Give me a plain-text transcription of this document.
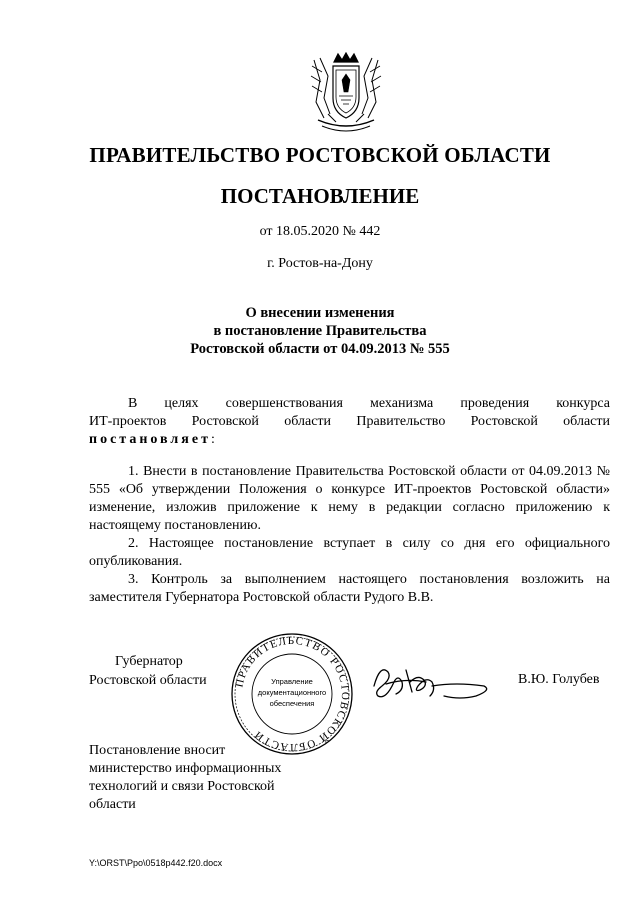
ПРАВИТЕЛЬСТВО РОСТОВСКОЙ ОБЛАСТИ
ПОСТАНОВЛЕНИЕ
от 18.05.2020 № 442
г. Ростов-на-Дону
О внесении изменения
в постановление Правительства
Ростовской области от 04.09.2013 № 555
В целях совершенствования механизма проведения конкурса
ИТ-проектов Ростовской области Правительство Ростовской области
постановляет:

1. Внести в постановление Правительства Ростовской области от 04.09.2013 № 555 «Об утверждении Положения о конкурсе ИТ-проектов Ростовской области» изменение, изложив приложение к нему в редакции согласно приложению к настоящему постановлению.

2. Настоящее постановление вступает в силу со дня его официального опубликования.

3. Контроль за выполнением настоящего постановления возложить на заместителя Губернатора Ростовской области Рудого В.В.

Губернатор
Ростовской области ПРАВИТЕЛЬСТВО РОСТОВСКОЙ ОБЛАСТИ
Управление
документационного
обеспечения
В.Ю. Голубев
Постановление вносит
министерство информационных
технологий и связи Ростовской
области
Y:\ORST\Ppo\0518p442.f20.docx
